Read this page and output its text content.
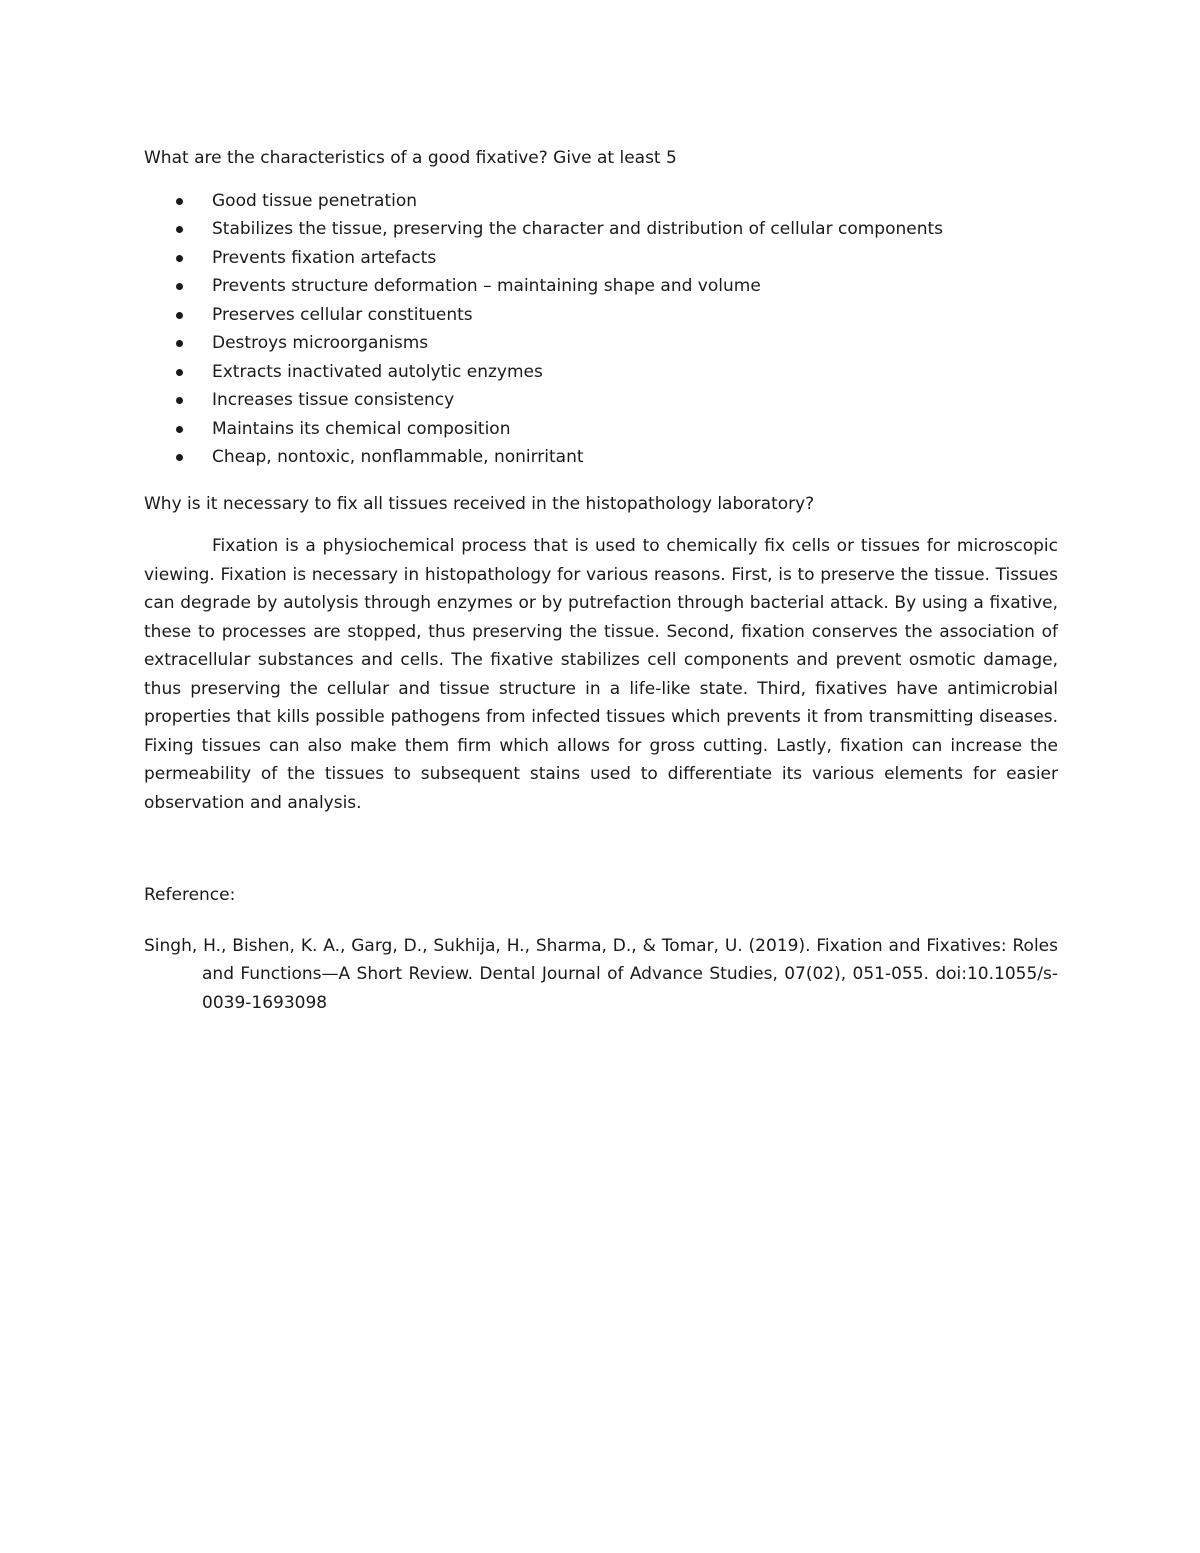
What are the characteristics of a good fixative? Give at least 5

Good tissue penetration
Stabilizes the tissue, preserving the character and distribution of cellular components
Prevents fixation artefacts
Prevents structure deformation – maintaining shape and volume
Preserves cellular constituents
Destroys microorganisms
Extracts inactivated autolytic enzymes
Increases tissue consistency
Maintains its chemical composition
Cheap, nontoxic, nonflammable, nonirritant

Why is it necessary to fix all tissues received in the histopathology laboratory?

Fixation is a physiochemical process that is used to chemically fix cells or tissues for microscopic viewing. Fixation is necessary in histopathology for various reasons. First, is to preserve the tissue. Tissues can degrade by autolysis through enzymes or by putrefaction through bacterial attack. By using a fixative, these to processes are stopped, thus preserving the tissue. Second, fixation conserves the association of extracellular substances and cells. The fixative stabilizes cell components and prevent osmotic damage, thus preserving the cellular and tissue structure in a life-like state. Third, fixatives have antimicrobial properties that kills possible pathogens from infected tissues which prevents it from transmitting diseases. Fixing tissues can also make them firm which allows for gross cutting. Lastly, fixation can increase the permeability of the tissues to subsequent stains used to differentiate its various elements for easier observation and analysis.

Reference:

Singh, H., Bishen, K. A., Garg, D., Sukhija, H., Sharma, D., & Tomar, U. (2019). Fixation and Fixatives: Roles and Functions—A Short Review. Dental Journal of Advance Studies, 07(02), 051-055. doi:10.1055/s-0039-1693098
